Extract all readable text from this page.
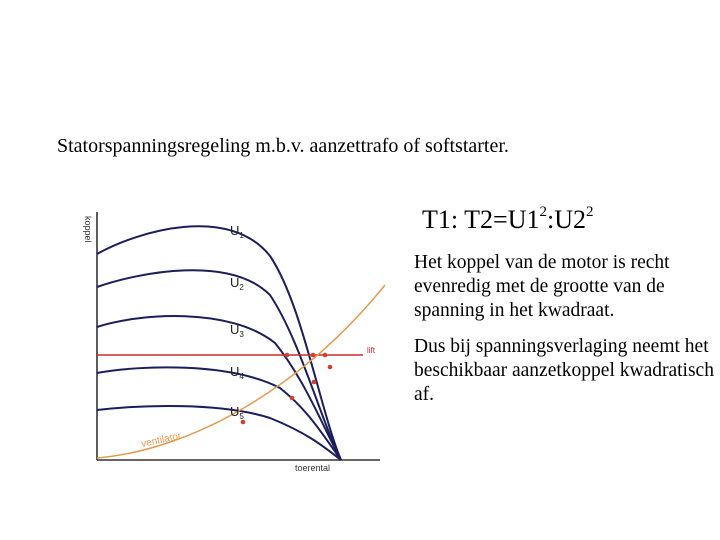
Statorspanningsregeling m.b.v. aanzettrafo of softstarter.
koppel
toerental
lift
ventilator
$U_1$
$U_2$
$U_3$
$U_4$
$U_5$
T1: $T2=U1^2:U2^2$
Het koppel van de motor is recht evenredig met de grootte van de spanning in het kwadraat.
Dus bij spanningsverlaging neemt het beschikbaar aanzetkoppel kwadratisch af.
